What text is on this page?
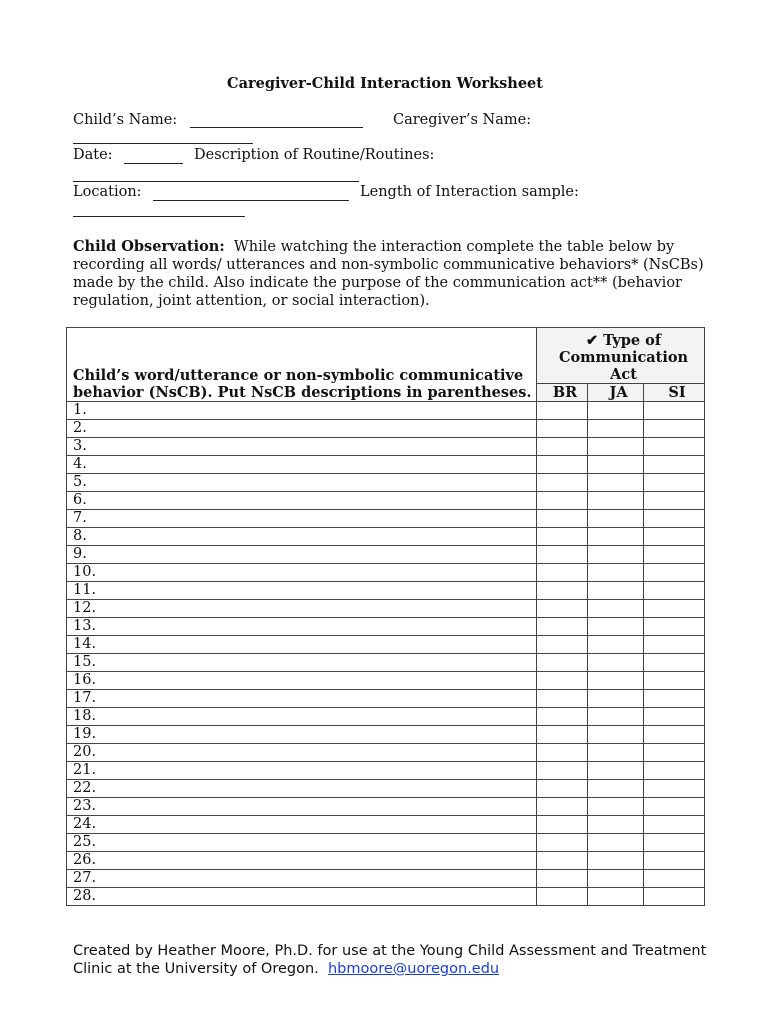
Caregiver-Child Interaction Worksheet
Child’s Name:	Caregiver’s Name:
Date:	Description of Routine/Routines:
Location:	Length of Interaction sample:
Child Observation: While watching the interaction complete the table below by recording all words/ utterances and non-symbolic communicative behaviors* (NsCBs) made by the child. Also indicate the purpose of the communication act** (behavior regulation, joint attention, or social interaction).
Child’s word/utterance or non-symbolic communicative behavior (NsCB). Put NsCB descriptions in parentheses.	✔ Type of Communication Act		
	BR	JA	SI
1.			
2.			
3.			
4.			
5.			
6.			
7.			
8.			
9.			
10.			
11.			
12.			
13.			
14.			
15.			
16.			
17.			
18.			
19.			
20.			
21.			
22.			
23.			
24.			
25.			
26.			
27.			
28.			
Created by Heather Moore, Ph.D. for use at the Young Child Assessment and Treatment Clinic at the University of Oregon. hbmoore@uoregon.edu
